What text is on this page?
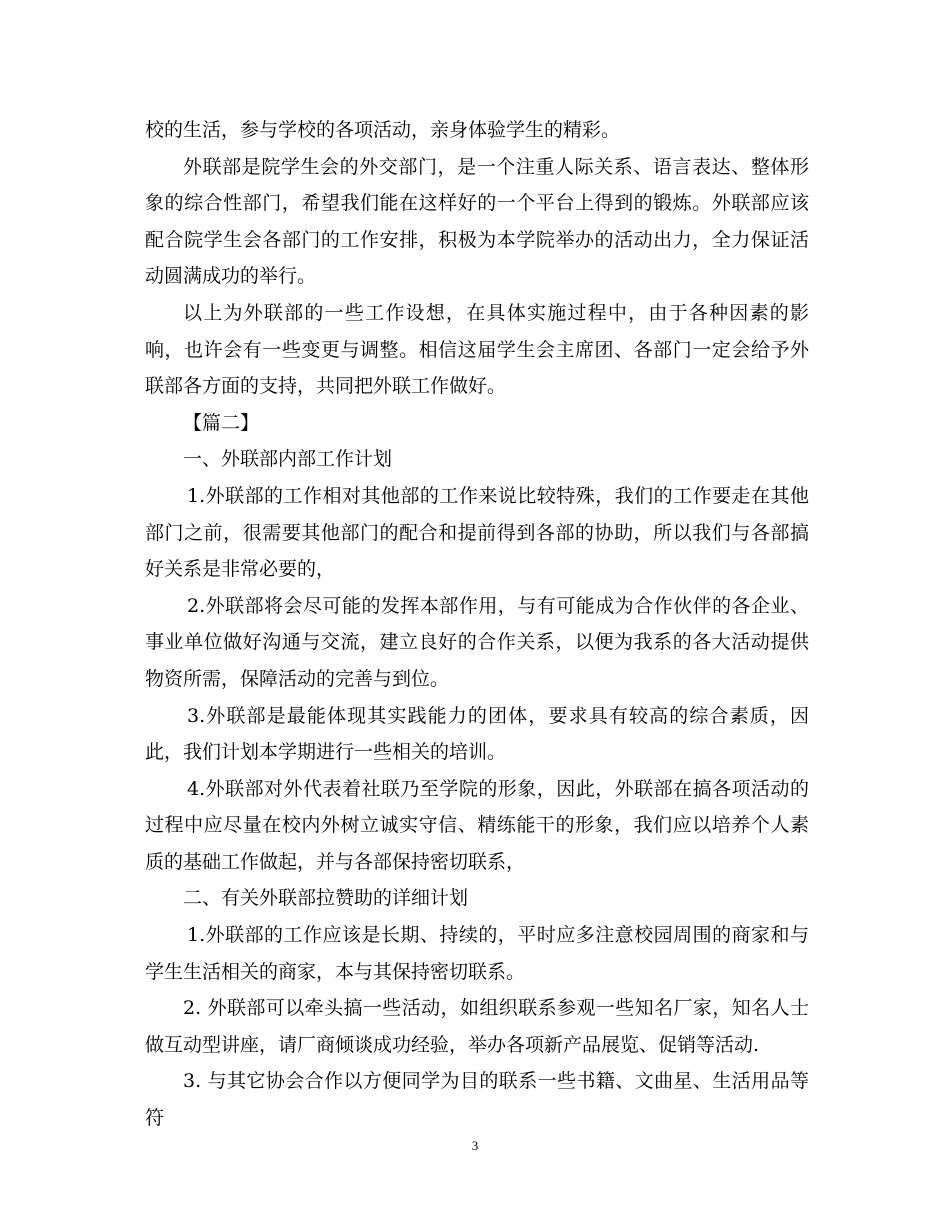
校的生活，参与学校的各项活动，亲身体验学生的精彩。

外联部是院学生会的外交部门，是一个注重人际关系、语言表达、整体形象的综合性部门，希望我们能在这样好的一个平台上得到的锻炼。外联部应该配合院学生会各部门的工作安排，积极为本学院举办的活动出力，全力保证活动圆满成功的举行。

以上为外联部的一些工作设想，在具体实施过程中，由于各种因素的影响，也许会有一些变更与调整。相信这届学生会主席团、各部门一定会给予外联部各方面的支持，共同把外联工作做好。

【篇二】

一、外联部内部工作计划

1.外联部的工作相对其他部的工作来说比较特殊，我们的工作要走在其他部门之前，很需要其他部门的配合和提前得到各部的协助，所以我们与各部搞好关系是非常必要的，

2.外联部将会尽可能的发挥本部作用，与有可能成为合作伙伴的各企业、事业单位做好沟通与交流，建立良好的合作关系，以便为我系的各大活动提供物资所需，保障活动的完善与到位。

3.外联部是最能体现其实践能力的团体，要求具有较高的综合素质，因此，我们计划本学期进行一些相关的培训。

4.外联部对外代表着社联乃至学院的形象，因此，外联部在搞各项活动的过程中应尽量在校内外树立诚实守信、精练能干的形象，我们应以培养个人素质的基础工作做起，并与各部保持密切联系，

二、有关外联部拉赞助的详细计划

1.外联部的工作应该是长期、持续的，平时应多注意校园周围的商家和与学生生活相关的商家，本与其保持密切联系。

2. 外联部可以牵头搞一些活动，如组织联系参观一些知名厂家，知名人士做互动型讲座，请厂商倾谈成功经验，举办各项新产品展览、促销等活动.

3. 与其它协会合作以方便同学为目的联系一些书籍、文曲星、生活用品等符

3
